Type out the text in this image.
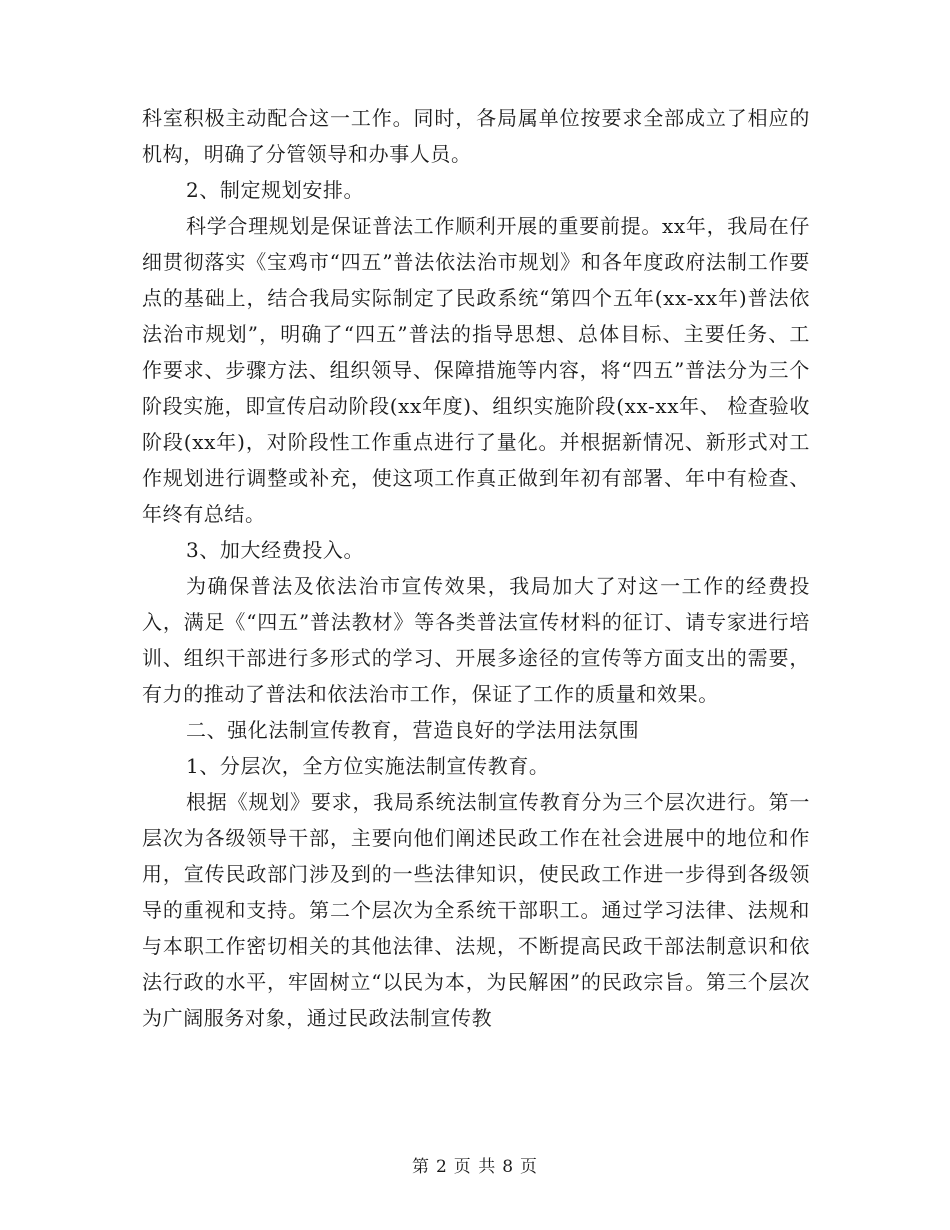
科室积极主动配合这一工作。同时，各局属单位按要求全部成立了相应的机构，明确了分管领导和办事人员。

2、制定规划安排。

科学合理规划是保证普法工作顺利开展的重要前提。xx年，我局在仔细贯彻落实《宝鸡市“四五”普法依法治市规划》和各年度政府法制工作要点的基础上，结合我局实际制定了民政系统“第四个五年(xx-xx年)普法依法治市规划”，明确了“四五”普法的指导思想、总体目标、主要任务、工作要求、步骤方法、组织领导、保障措施等内容，将“四五”普法分为三个阶段实施，即宣传启动阶段(xx年度)、组织实施阶段(xx-xx年、 检查验收阶段(xx年)，对阶段性工作重点进行了量化。并根据新情况、新形式对工作规划进行调整或补充，使这项工作真正做到年初有部署、年中有检查、年终有总结。

3、加大经费投入。

为确保普法及依法治市宣传效果，我局加大了对这一工作的经费投入，满足《“四五”普法教材》等各类普法宣传材料的征订、请专家进行培训、组织干部进行多形式的学习、开展多途径的宣传等方面支出的需要，有力的推动了普法和依法治市工作，保证了工作的质量和效果。

二、强化法制宣传教育，营造良好的学法用法氛围

1、分层次，全方位实施法制宣传教育。

根据《规划》要求，我局系统法制宣传教育分为三个层次进行。第一层次为各级领导干部，主要向他们阐述民政工作在社会进展中的地位和作用，宣传民政部门涉及到的一些法律知识，使民政工作进一步得到各级领导的重视和支持。第二个层次为全系统干部职工。通过学习法律、法规和与本职工作密切相关的其他法律、法规，不断提高民政干部法制意识和依法行政的水平，牢固树立“以民为本，为民解困”的民政宗旨。第三个层次为广阔服务对象，通过民政法制宣传教

第 2 页 共 8 页
